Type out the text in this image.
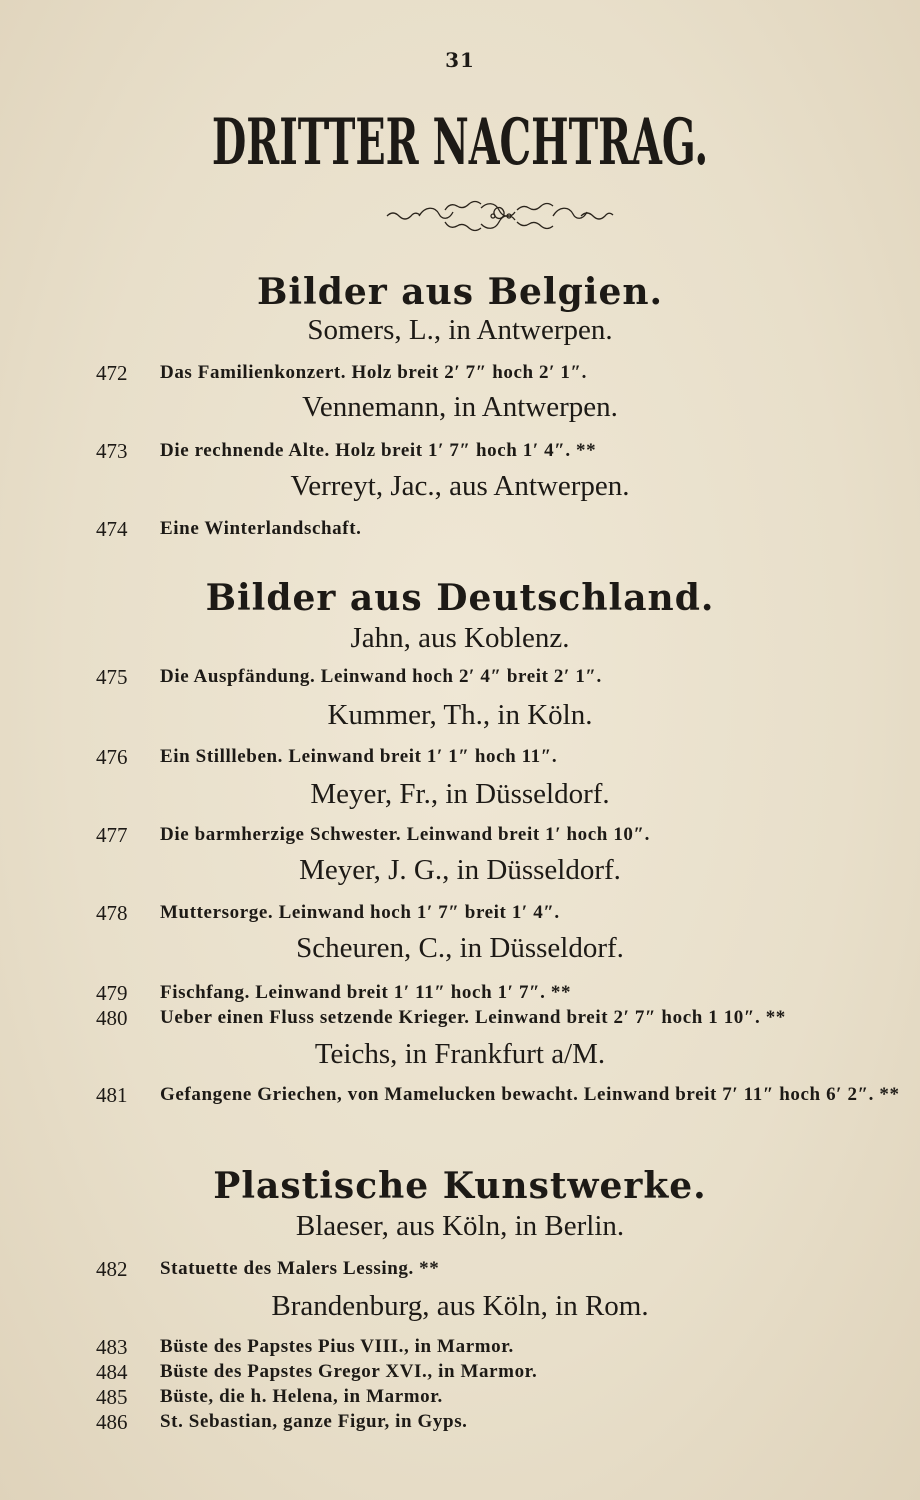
31
DRITTER NACHTRAG.
Bilder aus Belgien.
Somers, L., in Antwerpen.
472	Das Familienkonzert. Holz breit 2′ 7″ hoch 2′ 1″.
Vennemann, in Antwerpen.
473	Die rechnende Alte. Holz breit 1′ 7″ hoch 1′ 4″. **
Verreyt, Jac., aus Antwerpen.
474	Eine Winterlandschaft.
Bilder aus Deutschland.
Jahn, aus Koblenz.
475	Die Auspfändung. Leinwand hoch 2′ 4″ breit 2′ 1″.
Kummer, Th., in Köln.
476	Ein Stillleben. Leinwand breit 1′ 1″ hoch 11″.
Meyer, Fr., in Düsseldorf.
477	Die barmherzige Schwester. Leinwand breit 1′ hoch 10″.
Meyer, J. G., in Düsseldorf.
478	Muttersorge. Leinwand hoch 1′ 7″ breit 1′ 4″.
Scheuren, C., in Düsseldorf.
479	Fischfang. Leinwand breit 1′ 11″ hoch 1′ 7″. **
480	Ueber einen Fluss setzende Krieger. Leinwand breit 2′ 7″ hoch 1 10″. **
Teichs, in Frankfurt a/M.
481	Gefangene Griechen, von Mamelucken bewacht. Leinwand breit 7′ 11″ hoch 6′ 2″. **
Plastische Kunstwerke.
Blaeser, aus Köln, in Berlin.
482	Statuette des Malers Lessing. **
Brandenburg, aus Köln, in Rom.
483	Büste des Papstes Pius VIII., in Marmor.
484	Büste des Papstes Gregor XVI., in Marmor.
485	Büste, die h. Helena, in Marmor.
486	St. Sebastian, ganze Figur, in Gyps.
